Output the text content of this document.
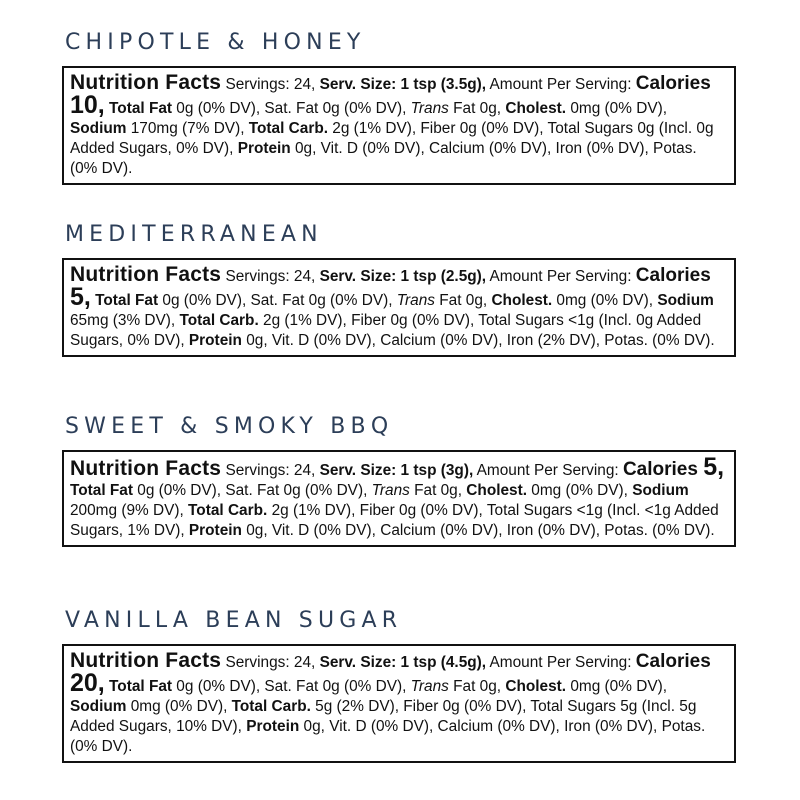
CHIPOTLE & HONEY
Nutrition Facts Servings: 24, Serv. Size: 1 tsp (3.5g), Amount Per Serving: Calories 10, Total Fat 0g (0% DV), Sat. Fat 0g (0% DV), Trans Fat 0g, Cholest. 0mg (0% DV), Sodium 170mg (7% DV), Total Carb. 2g (1% DV), Fiber 0g (0% DV), Total Sugars 0g (Incl. 0g Added Sugars, 0% DV), Protein 0g, Vit. D (0% DV), Calcium (0% DV), Iron (0% DV), Potas. (0% DV).
MEDITERRANEAN
Nutrition Facts Servings: 24, Serv. Size: 1 tsp (2.5g), Amount Per Serving: Calories 5, Total Fat 0g (0% DV), Sat. Fat 0g (0% DV), Trans Fat 0g, Cholest. 0mg (0% DV), Sodium 65mg (3% DV), Total Carb. 2g (1% DV), Fiber 0g (0% DV), Total Sugars <1g (Incl. 0g Added Sugars, 0% DV), Protein 0g, Vit. D (0% DV), Calcium (0% DV), Iron (2% DV), Potas. (0% DV).
SWEET & SMOKY BBQ
Nutrition Facts Servings: 24, Serv. Size: 1 tsp (3g), Amount Per Serving: Calories 5, Total Fat 0g (0% DV), Sat. Fat 0g (0% DV), Trans Fat 0g, Cholest. 0mg (0% DV), Sodium 200mg (9% DV), Total Carb. 2g (1% DV), Fiber 0g (0% DV), Total Sugars <1g (Incl. <1g Added Sugars, 1% DV), Protein 0g, Vit. D (0% DV), Calcium (0% DV), Iron (0% DV), Potas. (0% DV).
VANILLA BEAN SUGAR
Nutrition Facts Servings: 24, Serv. Size: 1 tsp (4.5g), Amount Per Serving: Calories 20, Total Fat 0g (0% DV), Sat. Fat 0g (0% DV), Trans Fat 0g, Cholest. 0mg (0% DV), Sodium 0mg (0% DV), Total Carb. 5g (2% DV), Fiber 0g (0% DV), Total Sugars 5g (Incl. 5g Added Sugars, 10% DV), Protein 0g, Vit. D (0% DV), Calcium (0% DV), Iron (0% DV), Potas. (0% DV).
